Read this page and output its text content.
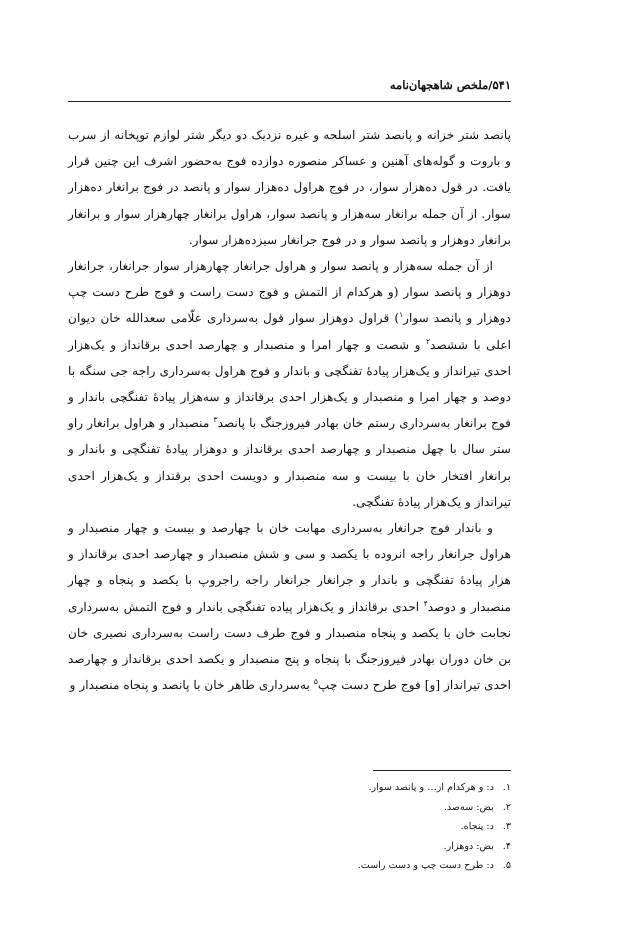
۵۴۱/ملخص شاهجهان‌نامه

پانصد شتر خزانه و پانصد شتر اسلحه و غیره نزدیک دو دیگر شتر لوازم توپخانه از سرب و باروت و گوله‌های آهنین و عساکر منصوره دوازده فوج به‌حضور اشرف این چنین قرار یافت. در قول ده‌هزار سوار، در فوج هراول ده‌هزار سوار و پانصد در فوج برانغار ده‌هزار سوار. از آن جمله برانغار سه‌هزار و پانصد سوار، هراول برانغار چهارهزار سوار و برانغار برانغار دوهزار و پانصد سوار و در فوج جرانغار سیزده‌هزار سوار.

از آن جمله سه‌هزار و پانصد سوار و هراول جرانغار چهارهزار سوار جرانغار، جرانغار دوهزار و پانصد سوار (و هرکدام از التمش و فوج دست راست و فوج طرح دست چپ دوهزار و پانصد سوار$^۱$) قراول دوهزار سوار قول به‌سرداری علّامی سعدالله خان دیوان اعلی با ششصد$^۲$ و شصت و چهار امرا و منصبدار و چهارصد احدی برقانداز و یک‌هزار احدی تیرانداز و یک‌هزار پیادهٔ تفنگچی و باندار و فوج هراول به‌سرداری راجه جی سنگه با دوصد و چهار امرا و منصبدار و یک‌هزار احدی برقانداز و سه‌هزار پیادهٔ تفنگچی باندار و فوج برانغار به‌سرداری رستم خان بهادر فیروزجنگ با پانصد$^۳$ منصبدار و هراول برانغار راو ستر سال با چهل منصبدار و چهارصد احدی برقانداز و دوهزار پیادهٔ تفنگچی و باندار و برانغار افتخار خان با بیست و سه منصبدار و دویست احدی برقنداز و یک‌هزار احدی تیرانداز و یک‌هزار پیادهٔ تفنگچی.

و باندار فوج جرانغار به‌سرداری مهابت خان با چهارصد و بیست و چهار منصبدار و هراول جرانغار راجه انروده با یکصد و سی و شش منصبدار و چهارصد احدی برقانداز و هزار پیادهٔ تفنگچی و باندار و جرانغار جرانغار راجه راجروپ با یکصد و پنجاه و چهار منصبدار و دوصد$^۴$ احدی برقانداز و یک‌هزار پیاده تفنگچی باندار و فوج التمش به‌سرداری نجابت خان با یکصد و پنجاه منصبدار و فوج طرف دست راست به‌سرداری نصیری خان بن خان دوران بهادر فیروزجنگ با پنجاه و پنج منصبدار و یکصد احدی برقانداز و چهارصد احدی تیرانداز [و] فوج طرح دست چپ$^۵$ به‌سرداری طاهر خان با پانصد و پنجاه منصبدار و

۱. د: و هرکدام از… و پانصد سوار.
۲. بض: سه‌صد.
۳. د: پنجاه.
۴. بض: دوهزار.
۵. د: طرح دست چپ و دست راست.
